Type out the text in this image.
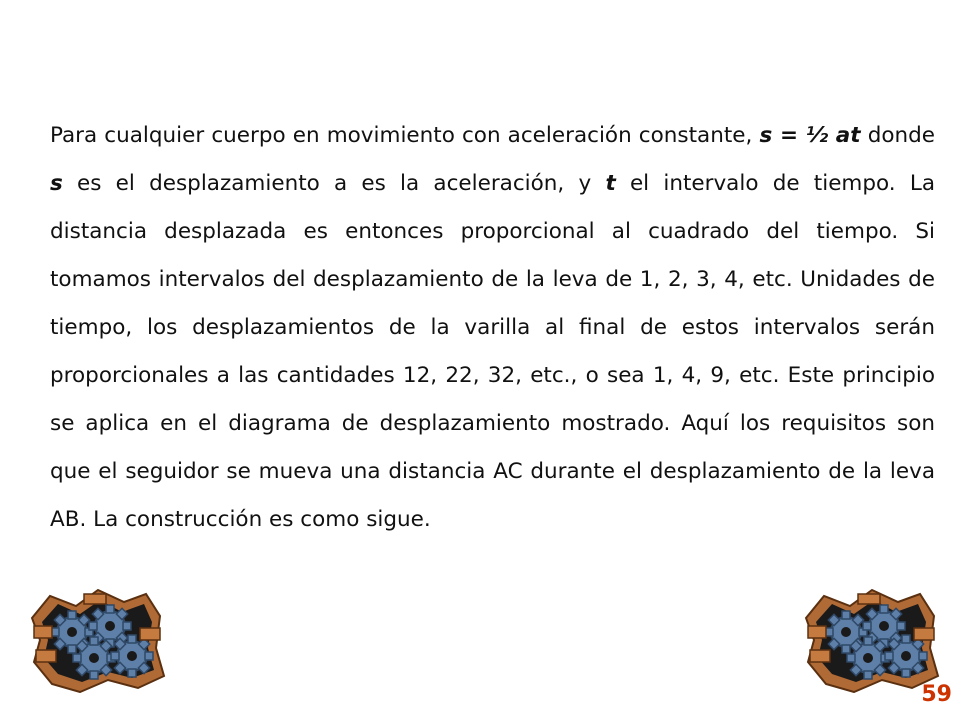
Para cualquier cuerpo en movimiento con aceleración constante, s = ½ at donde s es el desplazamiento a es la aceleración, y t el intervalo de tiempo. La distancia desplazada es entonces proporcional al cuadrado del tiempo. Si tomamos intervalos del desplazamiento de la leva de 1, 2, 3, 4, etc. Unidades de tiempo, los desplazamientos de la varilla al final de estos intervalos serán proporcionales a las cantidades 12, 22, 32, etc., o sea 1, 4, 9, etc. Este principio se aplica en el diagrama de desplazamiento mostrado. Aquí los requisitos son que el seguidor se mueva una distancia AC durante el desplazamiento de la leva AB. La construcción es como sigue.

59
